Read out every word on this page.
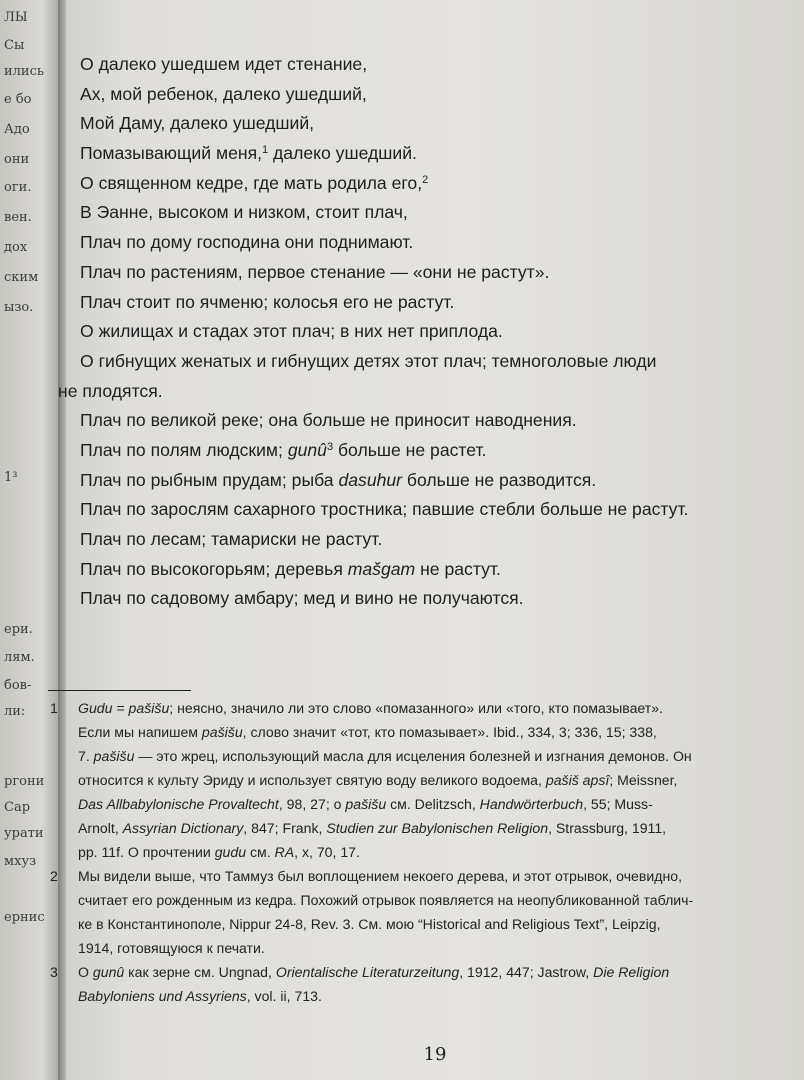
ЛЫ
Сы
ились
е бо
Адо
они
оги.
вен.
дох
ским
ызо.
1³
ери.
лям.
бов-
ли:
ргони
Сар
урати
мхуз
ернис
О далеко ушедшем идет стенание,
Ах, мой ребенок, далеко ушедший,
Мой Даму, далеко ушедший,
Помазывающий меня,$^1$ далеко ушедший.
О священном кедре, где мать родила его,$^2$
В Эанне, высоком и низком, стоит плач,
Плач по дому господина они поднимают.
Плач по растениям, первое стенание — «они не растут».
Плач стоит по ячменю; колосья его не растут.
О жилищах и стадах этот плач; в них нет приплода.
О гибнущих женатых и гибнущих детях этот плач; темноголовые люди
не плодятся.
Плач по великой реке; она больше не приносит наводнения.
Плач по полям людским; gunû$^3$ больше не растет.
Плач по рыбным прудам; рыба dasuhur больше не разводится.
Плач по зарослям сахарного тростника; павшие стебли больше не растут.
Плач по лесам; тамариски не растут.
Плач по высокогорьям; деревья mašgam не растут.
Плач по садовому амбару; мед и вино не получаются.
1 Gudu = pašišu; неясно, значило ли это слово «помазанного» или «того, кто помазывает».
Если мы напишем pašišu, слово значит «тот, кто помазывает». Ibid., 334, 3; 336, 15; 338,
7. pašišu — это жрец, использующий масла для исцеления болезней и изгнания демонов. Он
относится к культу Эриду и использует святую воду великого водоема, pašiš apsî; Meissner,
Das Allbabylonische Provaltecht, 98, 27; о pašišu см. Delitzsch, Handwörterbuch, 55; Muss-
Arnolt, Assyrian Dictionary, 847; Frank, Studien zur Babylonischen Religion, Strassburg, 1911,
pp. 11f. О прочтении gudu см. RA, x, 70, 17.
2 Мы видели выше, что Таммуз был воплощением некоего дерева, и этот отрывок, очевидно,
считает его рожденным из кедра. Похожий отрывок появляется на неопубликованной таблич-
ке в Константинополе, Nippur 24-8, Rev. 3. См. мою “Historical and Religious Text”, Leipzig,
1914, готовящуюся к печати.
3 О gunû как зерне см. Ungnad, Orientalische Literaturzeitung, 1912, 447; Jastrow, Die Religion
Babyloniens und Assyriens, vol. ii, 713.
19
